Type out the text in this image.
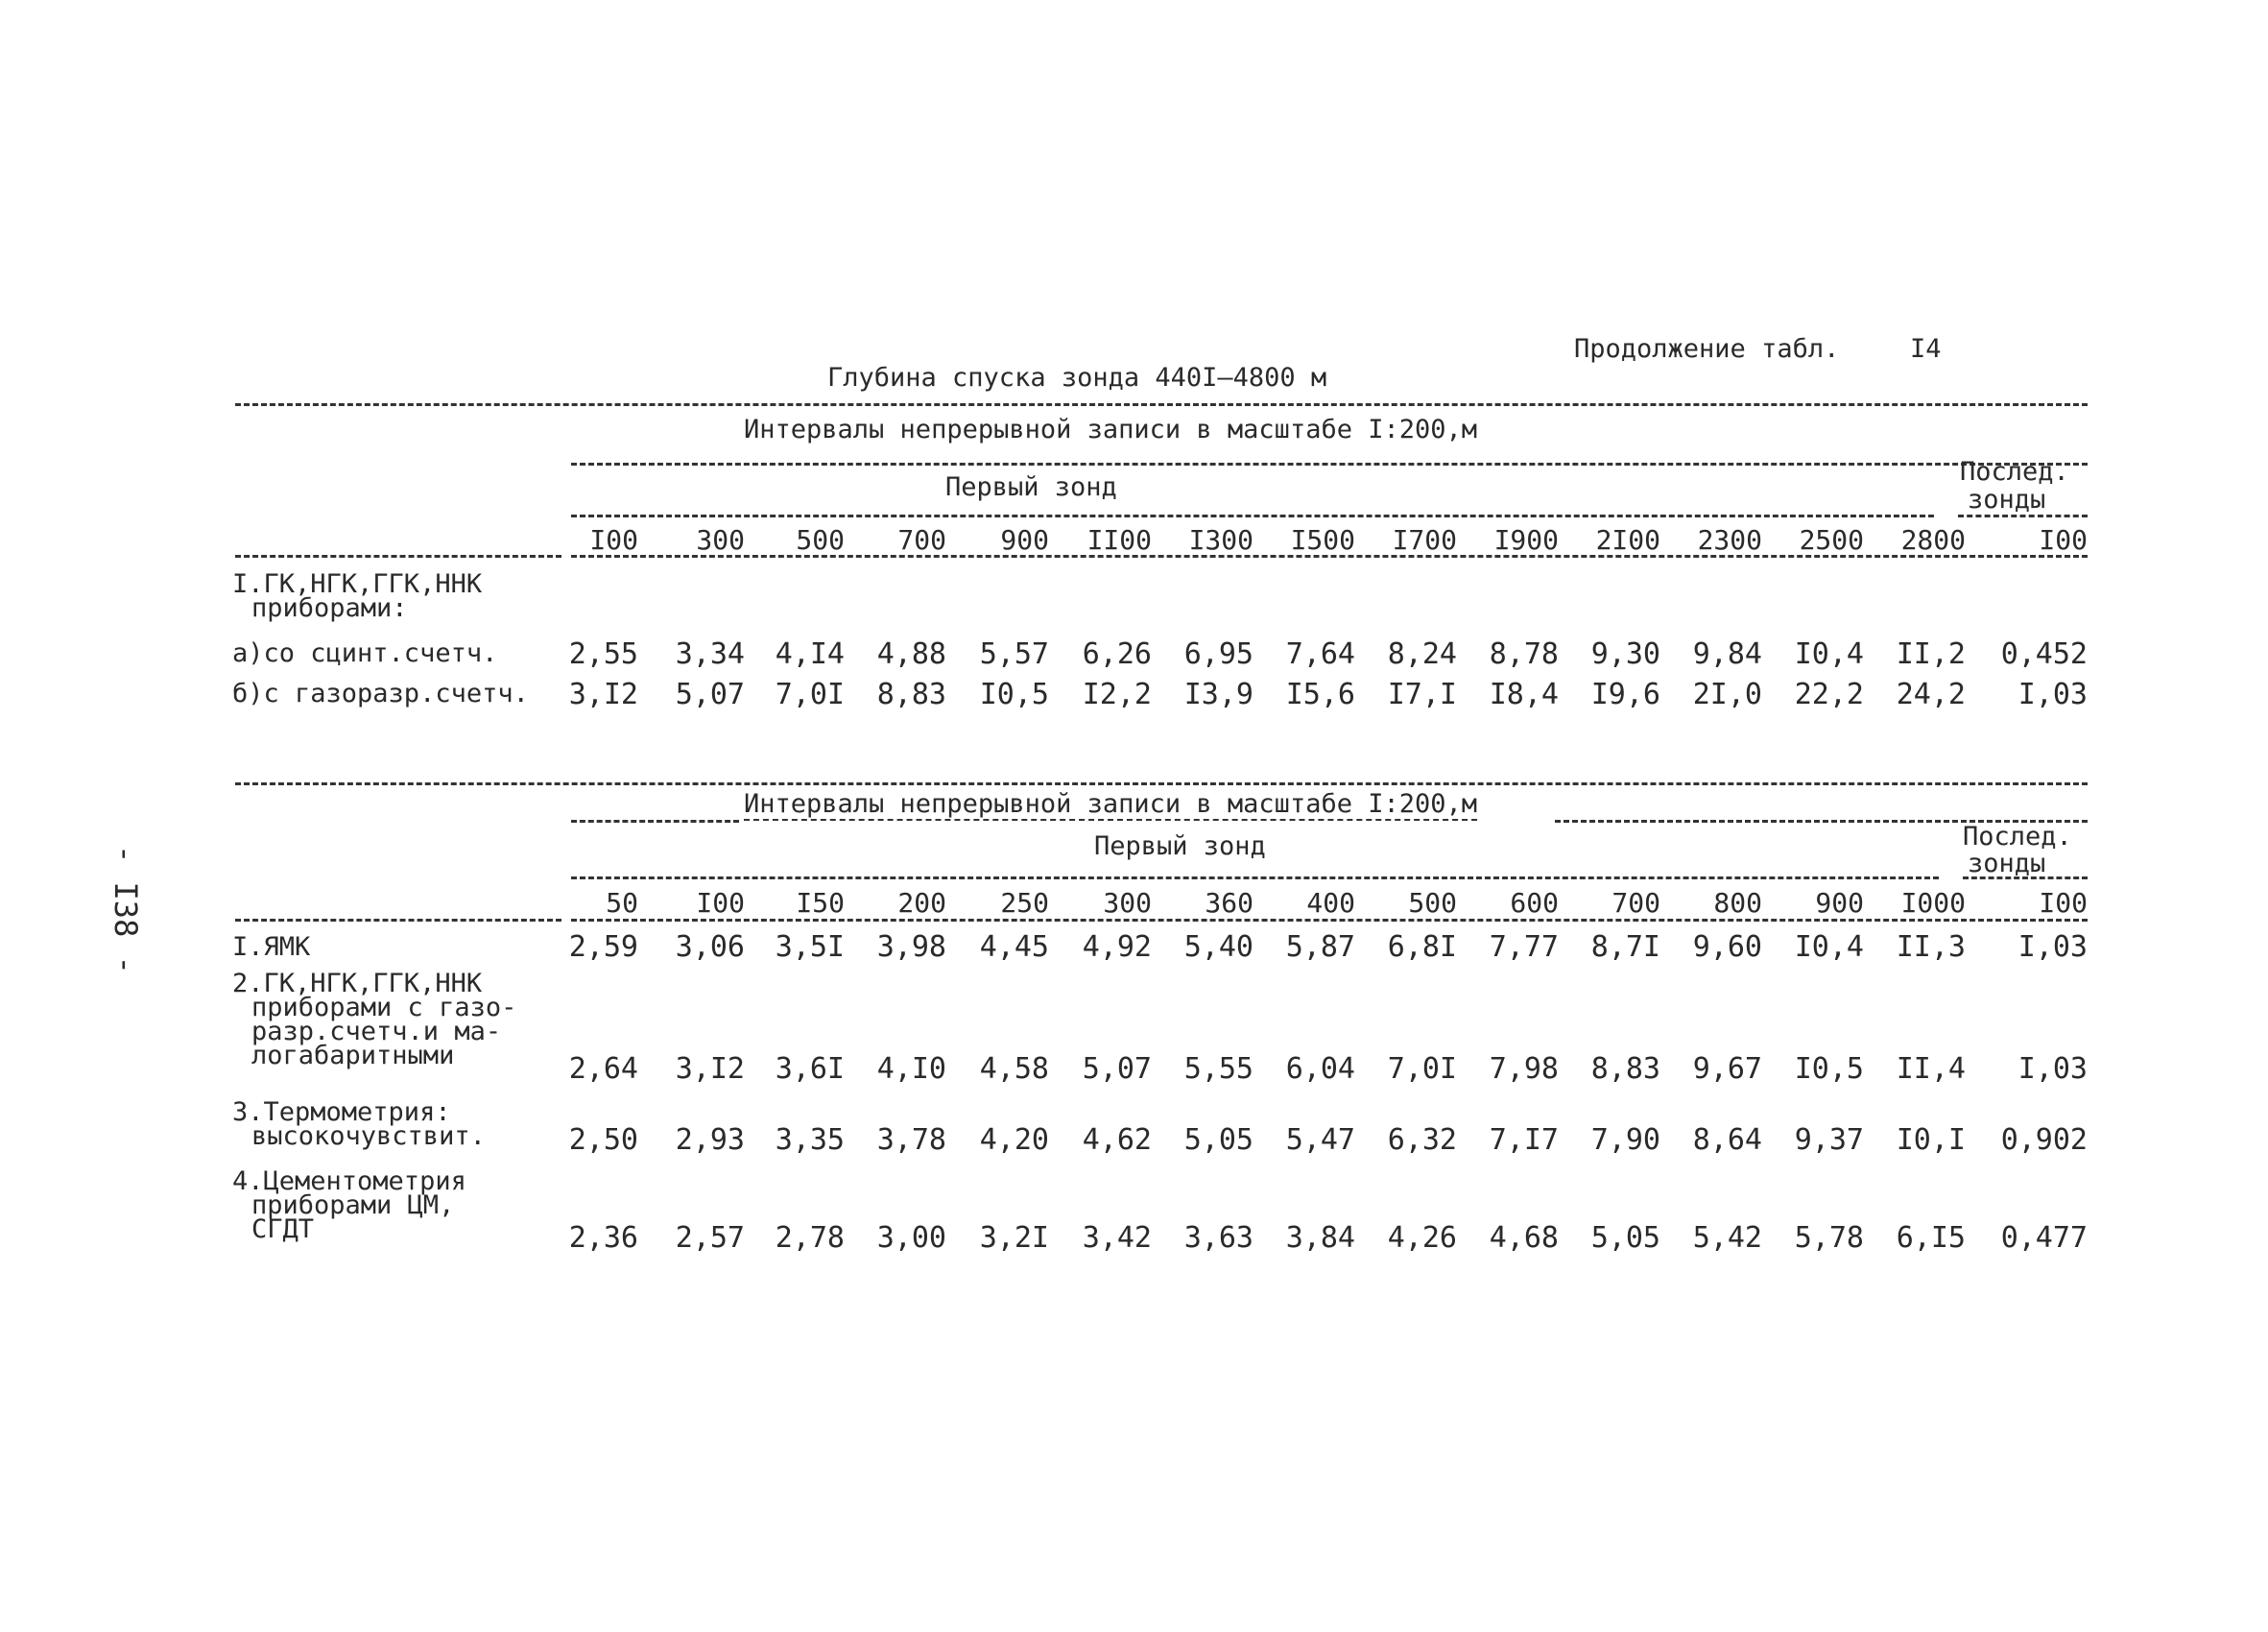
Продолжение табл.	I4
Глубина спуска зонда 440I–4800 м
- I38 -
Интервалы непрерывной записи в масштабе I:200,м
Первый зонд
Послед.
зонды
I00	300	500	700	900	II00	I300	I500	I700	I900	2I00	2300	2500	2800	I00
I.ГК,НГК,ГГК,ННК
приборами:
а)со сцинт.счетч.	2,55	3,34	4,I4	4,88	5,57	6,26	6,95	7,64	8,24	8,78	9,30	9,84	I0,4	II,2	0,452
б)с газоразр.счетч.	3,I2	5,07	7,0I	8,83	I0,5	I2,2	I3,9	I5,6	I7,I	I8,4	I9,6	2I,0	22,2	24,2	I,03
Интервалы непрерывной записи в масштабе I:200,м
Первый зонд	Послед.
зонды
50	I00	I50	200	250	300	360	400	500	600	700	800	900	I000	I00
I.ЯМК	2,59	3,06	3,5I	3,98	4,45	4,92	5,40	5,87	6,8I	7,77	8,7I	9,60	I0,4	II,3	I,03
2.ГК,НГК,ГГК,ННК
приборами с газо-
разр.счетч.и ма-
логабаритными	2,64	3,I2	3,6I	4,I0	4,58	5,07	5,55	6,04	7,0I	7,98	8,83	9,67	I0,5	II,4	I,03
3.Термометрия:
высокочувствит.	2,50	2,93	3,35	3,78	4,20	4,62	5,05	5,47	6,32	7,I7	7,90	8,64	9,37	I0,I	0,902
4.Цементометрия
приборами ЦМ,
СГДТ	2,36	2,57	2,78	3,00	3,2I	3,42	3,63	3,84	4,26	4,68	5,05	5,42	5,78	6,I5	0,477
